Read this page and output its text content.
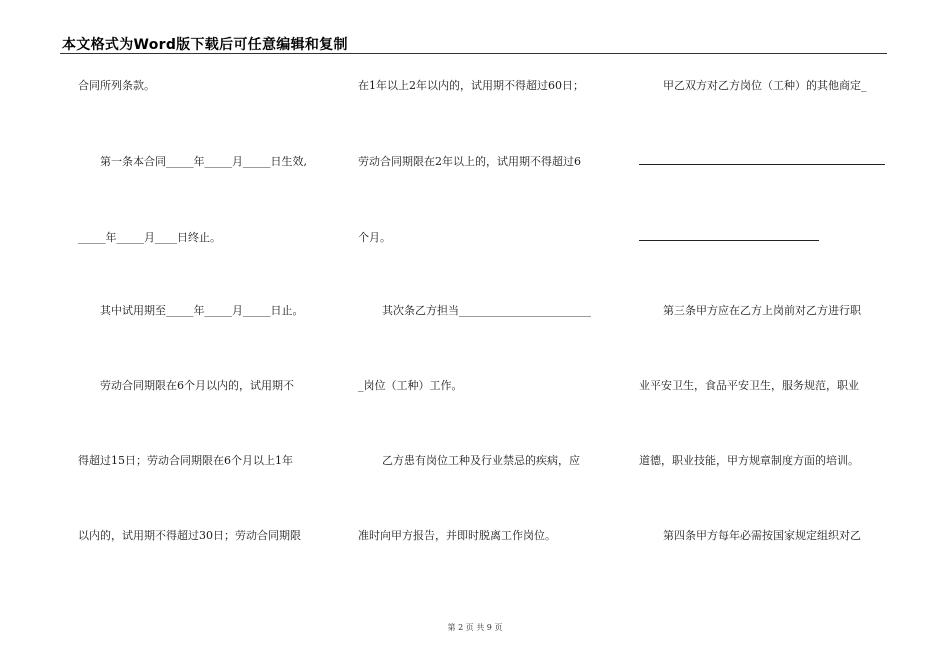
本文格式为Word版下载后可任意编辑和复制
合同所列条款。
第一条本合同_____年_____月_____日生效,
_____年_____月____日终止。
其中试用期至_____年_____月_____日止。
劳动合同期限在6个月以内的，试用期不
得超过15日；劳动合同期限在6个月以上1年
以内的，试用期不得超过30日；劳动合同期限
在1年以上2年以内的，试用期不得超过60日；
劳动合同期限在2年以上的，试用期不得超过6
个月。
其次条乙方担当________________________
_岗位（工种）工作。
乙方患有岗位工种及行业禁忌的疾病，应
准时向甲方报告，并即时脱离工作岗位。
甲乙双方对乙方岗位（工种）的其他商定_
第三条甲方应在乙方上岗前对乙方进行职
业平安卫生，食品平安卫生，服务规范，职业
道德，职业技能，甲方规章制度方面的培训。
第四条甲方每年必需按国家规定组织对乙
第 2 页 共 9 页
